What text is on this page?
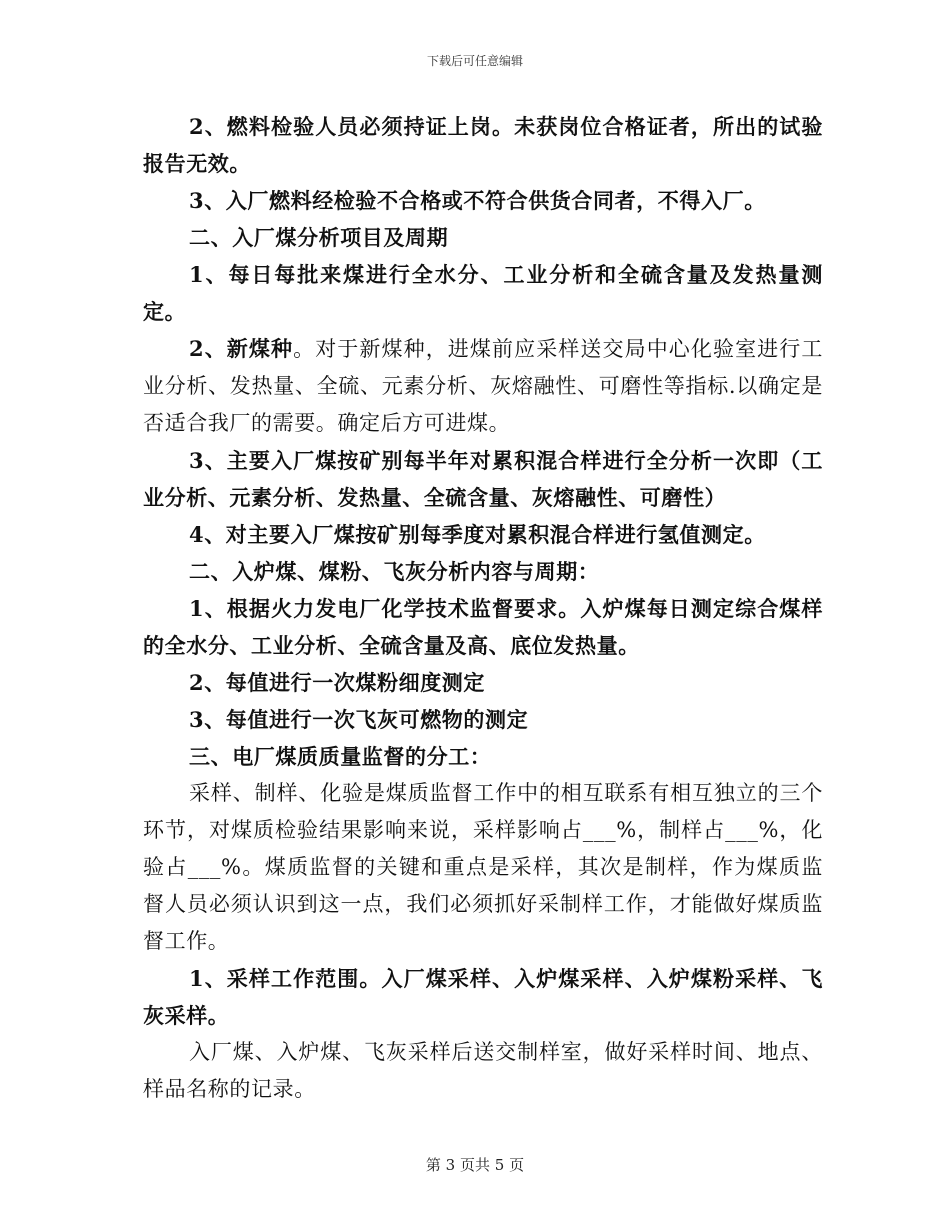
下载后可任意编辑

2、燃料检验人员必须持证上岗。未获岗位合格证者，所出的试验报告无效。

3、入厂燃料经检验不合格或不符合供货合同者，不得入厂。

二、入厂煤分析项目及周期

1、每日每批来煤进行全水分、工业分析和全硫含量及发热量测定。

2、新煤种。对于新煤种，进煤前应采样送交局中心化验室进行工业分析、发热量、全硫、元素分析、灰熔融性、可磨性等指标.以确定是否适合我厂的需要。确定后方可进煤。

3、主要入厂煤按矿别每半年对累积混合样进行全分析一次即（工业分析、元素分析、发热量、全硫含量、灰熔融性、可磨性）

4、对主要入厂煤按矿别每季度对累积混合样进行氢值测定。

二、入炉煤、煤粉、飞灰分析内容与周期：

1、根据火力发电厂化学技术监督要求。入炉煤每日测定综合煤样的全水分、工业分析、全硫含量及高、底位发热量。

2、每值进行一次煤粉细度测定

3、每值进行一次飞灰可燃物的测定

三、电厂煤质质量监督的分工：

采样、制样、化验是煤质监督工作中的相互联系有相互独立的三个环节，对煤质检验结果影响来说，采样影响占___%，制样占___%，化验占___%。煤质监督的关键和重点是采样，其次是制样，作为煤质监督人员必须认识到这一点，我们必须抓好采制样工作，才能做好煤质监督工作。

1、采样工作范围。入厂煤采样、入炉煤采样、入炉煤粉采样、飞灰采样。

入厂煤、入炉煤、飞灰采样后送交制样室，做好采样时间、地点、样品名称的记录。

第 3 页共 5 页
